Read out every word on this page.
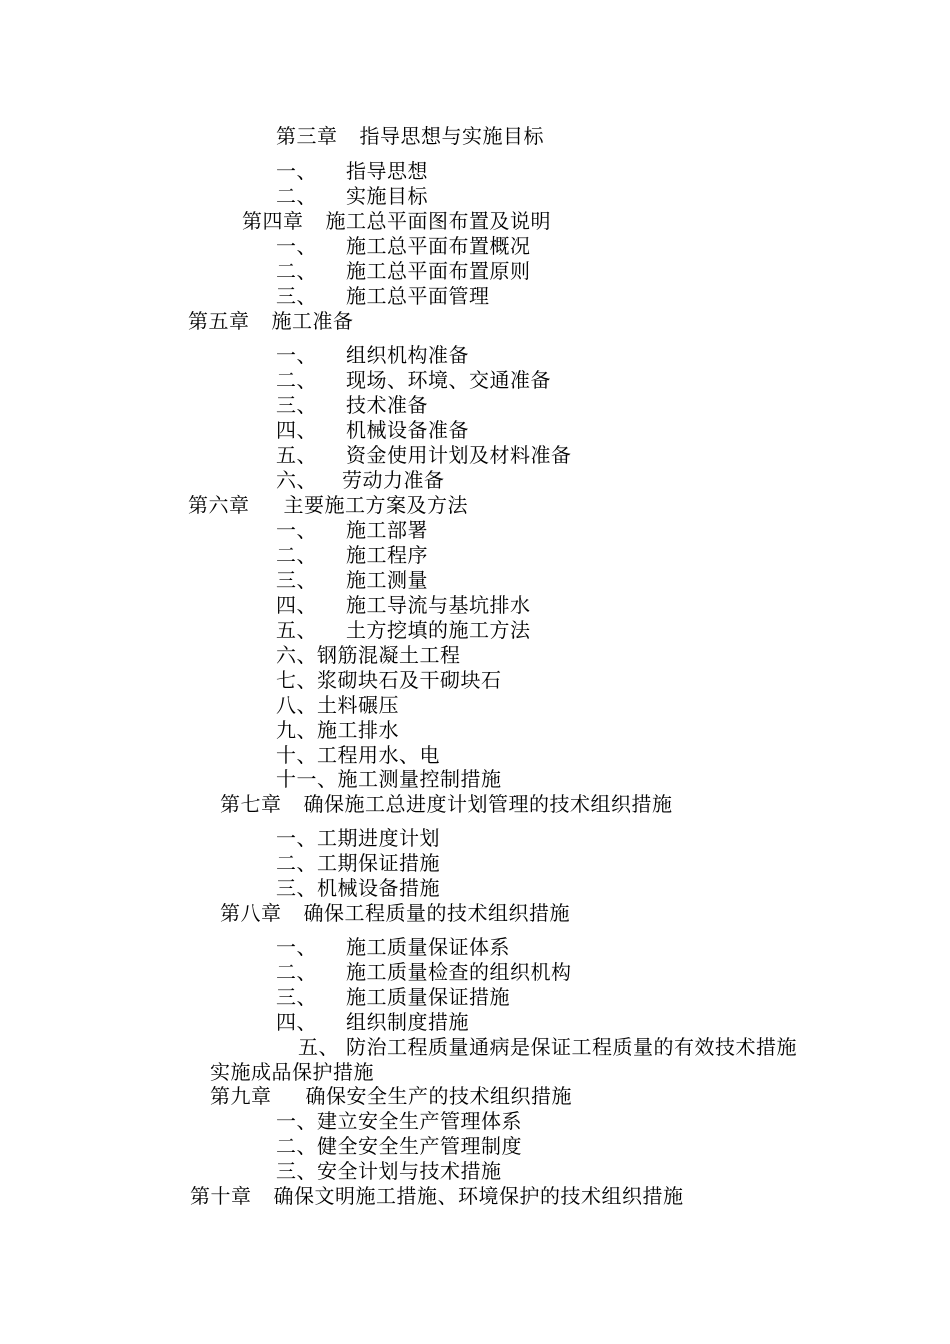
第三章 指导思想与实施目标
一、 指导思想
二、 实施目标
第四章 施工总平面图布置及说明
一、 施工总平面布置概况
二、 施工总平面布置原则
三、 施工总平面管理
第五章 施工准备
一、 组织机构准备
二、 现场、环境、交通准备
三、 技术准备
四、 机械设备准备
五、 资金使用计划及材料准备
六、 劳动力准备
第六章 主要施工方案及方法
一、 施工部署
二、 施工程序
三、 施工测量
四、 施工导流与基坑排水
五、 土方挖填的施工方法
六、钢筋混凝土工程
七、浆砌块石及干砌块石
八、土料碾压
九、施工排水
十、工程用水、电
十一、施工测量控制措施
第七章 确保施工总进度计划管理的技术组织措施
一、工期进度计划
二、工期保证措施
三、机械设备措施
第八章 确保工程质量的技术组织措施
一、 施工质量保证体系
二、 施工质量检查的组织机构
三、 施工质量保证措施
四、 组织制度措施
五、 防治工程质量通病是保证工程质量的有效技术措施
实施成品保护措施
第九章 确保安全生产的技术组织措施
一、建立安全生产管理体系
二、健全安全生产管理制度
三、安全计划与技术措施
第十章 确保文明施工措施、环境保护的技术组织措施
